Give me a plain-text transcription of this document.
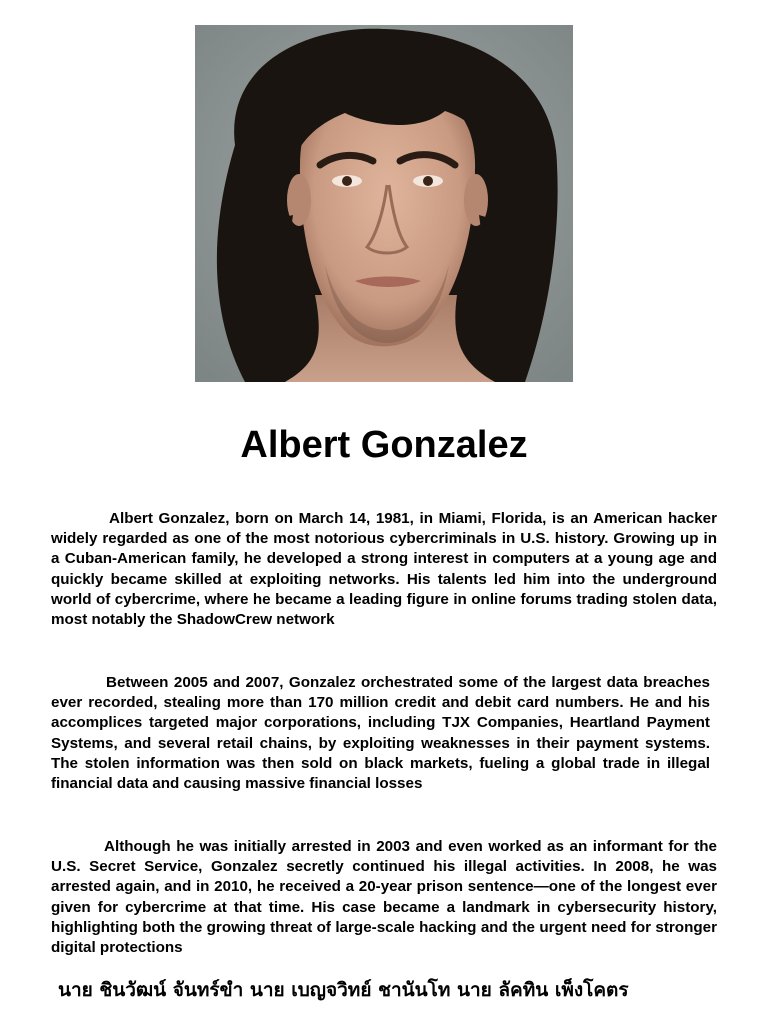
Albert Gonzalez

Albert Gonzalez, born on March 14, 1981, in Miami, Florida, is an American hacker widely regarded as one of the most notorious cybercriminals in U.S. history. Growing up in a Cuban-American family, he developed a strong interest in computers at a young age and quickly became skilled at exploiting networks. His talents led him into the underground world of cybercrime, where he became a leading figure in online forums trading stolen data, most notably the ShadowCrew network

Between 2005 and 2007, Gonzalez orchestrated some of the largest data breaches ever recorded, stealing more than 170 million credit and debit card numbers. He and his accomplices targeted major corporations, including TJX Companies, Heartland Payment Systems, and several retail chains, by exploiting weaknesses in their payment systems. The stolen information was then sold on black markets, fueling a global trade in illegal financial data and causing massive financial losses

Although he was initially arrested in 2003 and even worked as an informant for the U.S. Secret Service, Gonzalez secretly continued his illegal activities. In 2008, he was arrested again, and in 2010, he received a 20-year prison sentence—one of the longest ever given for cybercrime at that time. His case became a landmark in cybersecurity history, highlighting both the growing threat of large-scale hacking and the urgent need for stronger digital protections

นาย ชินวัฒน์ จันทร์ขำ นาย เบญจวิทย์ ชานันโท นาย ลัคทิน เพ็งโคตร
